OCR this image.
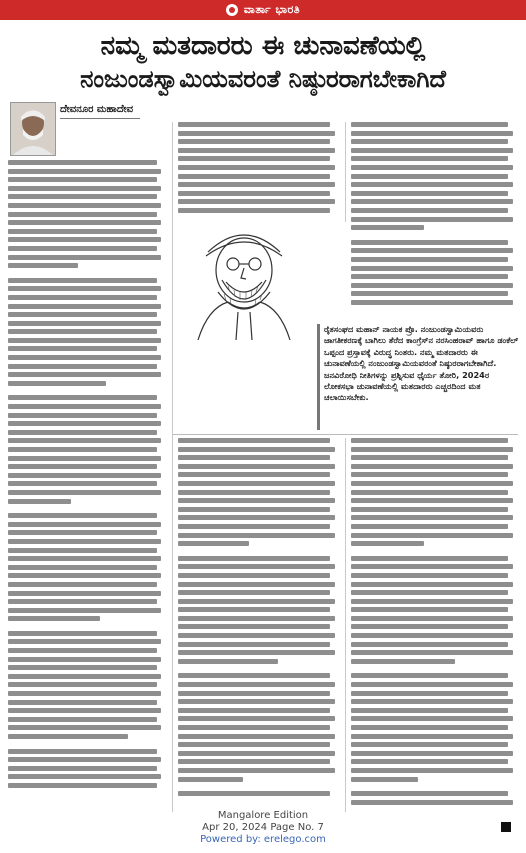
ವಾರ್ತಾ ಭಾರತಿ
ನಮ್ಮ ಮತದಾರರು ಈ ಚುನಾವಣೆಯಲ್ಲಿ
ನಂಜುಂಡಸ್ವಾಮಿಯವರಂತೆ ನಿಷ್ಠುರರಾಗಬೇಕಾಗಿದೆ
ದೇವನೂರ ಮಹಾದೇವ
ರೈತಸಂಘದ ಮಹಾನ್ ನಾಯಕ ಪ್ರೊ. ನಂಜುಂಡಸ್ವಾಮಿಯವರು ಜಾಗತೀಕರಣಕ್ಕೆ ಬಾಗಿಲು ತೆರೆದ ಕಾಂಗ್ರೆಸ್‌ನ ನರಸಿಂಹರಾವ್ ಹಾಗೂ ಡಂಕೆಲ್ ಒಪ್ಪಂದ ಪ್ರಸ್ತಾವಕ್ಕೆ ವಿರುದ್ಧ ನಿಂತರು. ನಮ್ಮ ಮತದಾರರು ಈ ಚುನಾವಣೆಯಲ್ಲಿ ನಂಜುಂಡಸ್ವಾಮಿಯವರಂತೆ ನಿಷ್ಠುರರಾಗಬೇಕಾಗಿದೆ. ಜನವಿರೋಧಿ ನೀತಿಗಳನ್ನು ಪ್ರಶ್ನಿಸುವ ಧೈರ್ಯ ತೋರಿ, 2024ರ ಲೋಕಸಭಾ ಚುನಾವಣೆಯಲ್ಲಿ ಮತದಾರರು ಎಚ್ಚರದಿಂದ ಮತ ಚಲಾಯಿಸಬೇಕು.
Mangalore Edition
Apr 20, 2024 Page No. 7
Powered by: erelego.com
